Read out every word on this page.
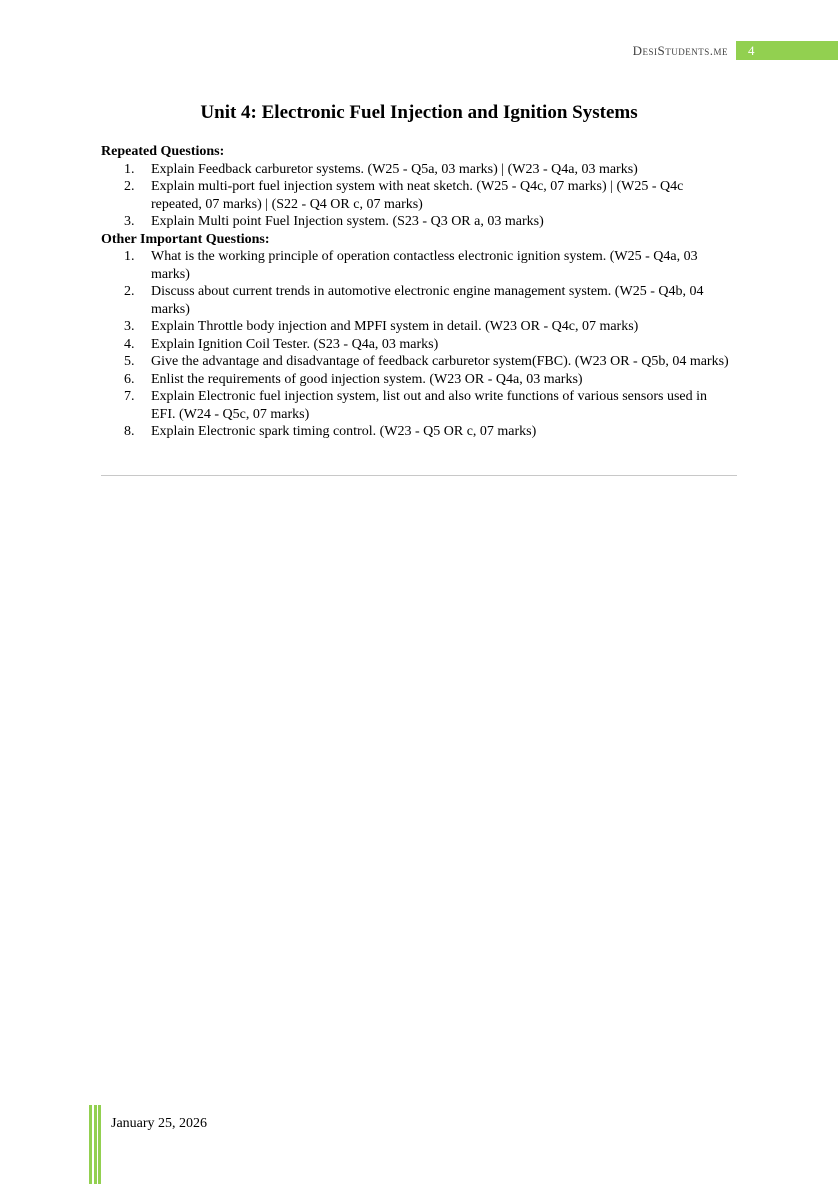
DesiStudents.me	4
Unit 4: Electronic Fuel Injection and Ignition Systems
Repeated Questions:
1. Explain Feedback carburetor systems. (W25 - Q5a, 03 marks) | (W23 - Q4a, 03 marks)
2. Explain multi-port fuel injection system with neat sketch. (W25 - Q4c, 07 marks) | (W25 - Q4c repeated, 07 marks) | (S22 - Q4 OR c, 07 marks)
3. Explain Multi point Fuel Injection system. (S23 - Q3 OR a, 03 marks)
Other Important Questions:
1. What is the working principle of operation contactless electronic ignition system. (W25 - Q4a, 03 marks)
2. Discuss about current trends in automotive electronic engine management system. (W25 - Q4b, 04 marks)
3. Explain Throttle body injection and MPFI system in detail. (W23 OR - Q4c, 07 marks)
4. Explain Ignition Coil Tester. (S23 - Q4a, 03 marks)
5. Give the advantage and disadvantage of feedback carburetor system(FBC). (W23 OR - Q5b, 04 marks)
6. Enlist the requirements of good injection system. (W23 OR - Q4a, 03 marks)
7. Explain Electronic fuel injection system, list out and also write functions of various sensors used in EFI. (W24 - Q5c, 07 marks)
8. Explain Electronic spark timing control. (W23 - Q5 OR c, 07 marks)
January 25, 2026
